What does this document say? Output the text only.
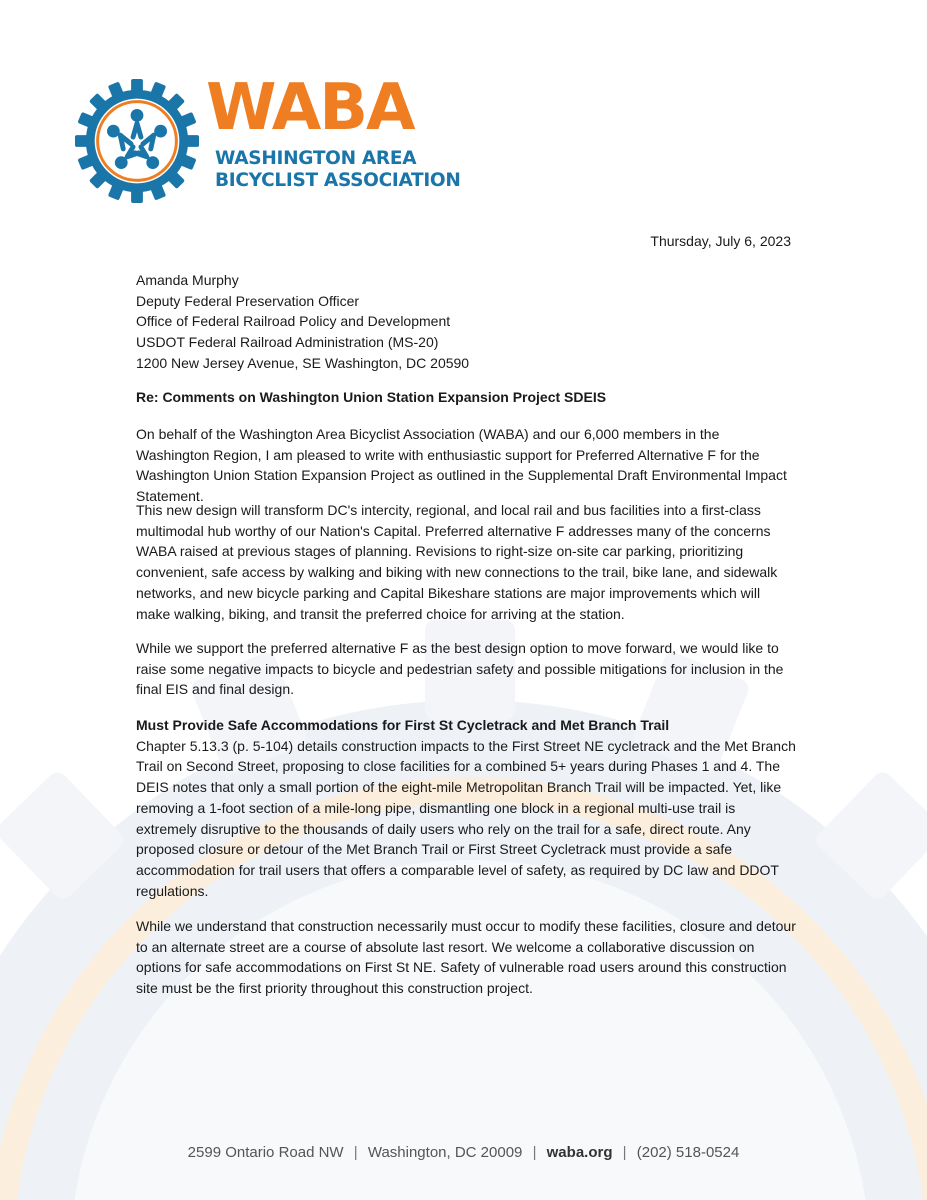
WABA
WASHINGTON AREA
BICYCLIST ASSOCIATION
Thursday, July 6, 2023
Amanda Murphy
Deputy Federal Preservation Officer
Office of Federal Railroad Policy and Development
USDOT Federal Railroad Administration (MS-20)
1200 New Jersey Avenue, SE Washington, DC 20590
Re: Comments on Washington Union Station Expansion Project SDEIS

On behalf of the Washington Area Bicyclist Association (WABA) and our 6,000 members in the Washington Region, I am pleased to write with enthusiastic support for Preferred Alternative F for the Washington Union Station Expansion Project as outlined in the Supplemental Draft Environmental Impact Statement.

This new design will transform DC's intercity, regional, and local rail and bus facilities into a first-class multimodal hub worthy of our Nation's Capital. Preferred alternative F addresses many of the concerns WABA raised at previous stages of planning. Revisions to right-size on-site car parking, prioritizing convenient, safe access by walking and biking with new connections to the trail, bike lane, and sidewalk networks, and new bicycle parking and Capital Bikeshare stations are major improvements which will make walking, biking, and transit the preferred choice for arriving at the station.

While we support the preferred alternative F as the best design option to move forward, we would like to raise some negative impacts to bicycle and pedestrian safety and possible mitigations for inclusion in the final EIS and final design.

Must Provide Safe Accommodations for First St Cycletrack and Met Branch Trail

Chapter 5.13.3 (p. 5-104) details construction impacts to the First Street NE cycletrack and the Met Branch Trail on Second Street, proposing to close facilities for a combined 5+ years during Phases 1 and 4. The DEIS notes that only a small portion of the eight-mile Metropolitan Branch Trail will be impacted. Yet, like removing a 1-foot section of a mile-long pipe, dismantling one block in a regional multi-use trail is extremely disruptive to the thousands of daily users who rely on the trail for a safe, direct route. Any proposed closure or detour of the Met Branch Trail or First Street Cycletrack must provide a safe accommodation for trail users that offers a comparable level of safety, as required by DC law and DDOT regulations.

While we understand that construction necessarily must occur to modify these facilities, closure and detour to an alternate street are a course of absolute last resort. We welcome a collaborative discussion on options for safe accommodations on First St NE. Safety of vulnerable road users around this construction site must be the first priority throughout this construction project.

2599 Ontario Road NW | Washington, DC 20009 | waba.org | (202) 518-0524
